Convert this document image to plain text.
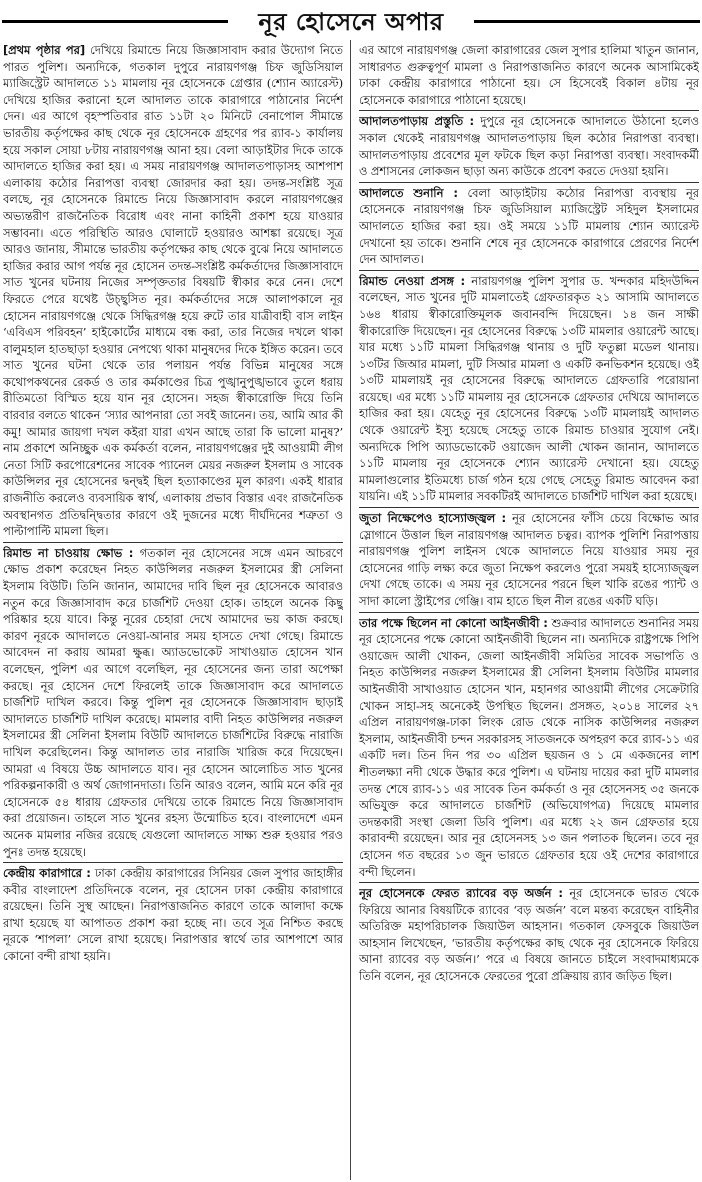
নূর হোসেনে অপার

[প্রথম পৃষ্ঠার পর] দেখিয়ে রিমান্ডে নিয়ে জিজ্ঞাসাবাদ করার উদ্যোগ নিতে পারত পুলিশ। অন্যদিকে, গতকাল দুপুরে নারায়ণগঞ্জ চিফ জুডিসিয়াল ম্যাজিস্ট্রেট আদালতে ১১ মামলায় নূর হোসেনকে গ্রেপ্তার (শ্যোন অ্যারেস্ট) দেখিয়ে হাজির করানো হলে আদালত তাকে কারাগারে পাঠানোর নির্দেশ দেন। এর আগে বৃহস্পতিবার রাত ১১টা ২০ মিনিটে বেনাপোল সীমান্তে ভারতীয় কর্তৃপক্ষের কাছ থেকে নূর হোসেনকে গ্রহণের পর র‌্যাব-১ কার্যালয় হয়ে সকাল সোয়া ৮টায় নারায়ণগঞ্জ আনা হয়। বেলা আড়াইটার দিকে তাকে আদালতে হাজির করা হয়। এ সময় নারায়ণগঞ্জ আদালতপাড়াসহ আশপাশ এলাকায় কঠোর নিরাপত্তা ব্যবস্থা জোরদার করা হয়। তদন্ত-সংশ্লিষ্ট সূত্র বলছে, নূর হোসেনকে রিমান্ডে নিয়ে জিজ্ঞাসাবাদ করলে নারায়ণগঞ্জের অভ্যন্তরীণ রাজনৈতিক বিরোধ এবং নানা কাহিনী প্রকাশ হয়ে যাওয়ার সম্ভাবনা। এতে পরিস্থিতি আরও ঘোলাটে হওয়ারও আশঙ্কা রয়েছে। সূত্র আরও জানায়, সীমান্তে ভারতীয় কর্তৃপক্ষের কাছ থেকে বুঝে নিয়ে আদালতে হাজির করার আগ পর্যন্ত নূর হোসেন তদন্ত-সংশ্লিষ্ট কর্মকর্তাদের জিজ্ঞাসাবাদে সাত খুনের ঘটনায় নিজের সম্পৃক্ততার বিষয়টি স্বীকার করে নেন। দেশে ফিরতে পেরে যথেষ্ট উচ্ছ্বসিত নূর। কর্মকর্তাদের সঙ্গে আলাপকালে নূর হোসেন নারায়ণগঞ্জে থেকে সিদ্ধিরগঞ্জ হয়ে রুটে তার যাত্রীবাহী বাস লাইন ‘এবিএস পরিবহন’ হাইকোর্টের মাধ্যমে বন্ধ করা, তার নিজের দখলে থাকা বালুমহাল হাতছাড়া হওয়ার নেপথ্যে থাকা মানুষদের দিকে ইঙ্গিত করেন। তবে সাত খুনের ঘটনা থেকে তার পলায়ন পর্যন্ত বিভিন্ন মানুষের সঙ্গে কথোপকথনের রেকর্ড ও তার কর্মকাণ্ডের চিত্র পুঙ্খানুপুঙ্খভাবে তুলে ধরায় রীতিমতো বিস্মিত হয়ে যান নূর হোসেন। সহজ স্বীকারোক্তি দিয়ে তিনি বারবার বলতে থাকেন ‘স্যার আপনারা তো সবই জানেন। তয়, আমি আর কী কমু! আমার জায়গা দখল কইরা যারা এখন আছে তারা কি ভালো মানুষ?’ নাম প্রকাশে অনিচ্ছুক এক কর্মকর্তা বলেন, নারায়ণগঞ্জের দুই আওয়ামী লীগ নেতা সিটি করপোরেশনের সাবেক প্যানেল মেয়র নজরুল ইসলাম ও সাবেক কাউন্সিলর নূর হোসেনের দ্বন্দ্বই ছিল হত্যাকাণ্ডের মূল কারণ। একই ধারার রাজনীতি করলেও ব্যবসায়িক স্বার্থ, এলাকায় প্রভাব বিস্তার এবং রাজনৈতিক অবস্থানগত প্রতিদ্বন্দ্বিতার কারণে ওই দুজনের মধ্যে দীর্ঘদিনের শত্রুতা ও পাল্টাপাল্টি মামলা ছিল।

রিমান্ড না চাওয়ায় ক্ষোভ : গতকাল নূর হোসেনের সঙ্গে এমন আচরণে ক্ষোভ প্রকাশ করেছেন নিহত কাউন্সিলর নজরুল ইসলামের স্ত্রী সেলিনা ইসলাম বিউটি। তিনি জানান, আমাদের দাবি ছিল নূর হোসেনকে আবারও নতুন করে জিজ্ঞাসাবাদ করে চার্জশিট দেওয়া হোক। তাহলে অনেক কিছু পরিষ্কার হয়ে যাবে। কিন্তু নূরের চেহারা দেখে আমাদের ভয় কাজ করছে। কারণ নূরকে আদালতে নেওয়া-আনার সময় হাসতে দেখা গেছে। রিমান্ডে আবেদন না করায় আমরা ক্ষুব্ধ। অ্যাডভোকেট সাখাওয়াত হোসেন খান বলেছেন, পুলিশ এর আগে বলেছিল, নূর হোসেনের জন্য তারা অপেক্ষা করছে। নূর হোসেন দেশে ফিরলেই তাকে জিজ্ঞাসাবাদ করে আদালতে চার্জশিট দাখিল করবে। কিন্তু পুলিশ নূর হোসেনকে জিজ্ঞাসাবাদ ছাড়াই আদালতে চার্জশিট দাখিল করেছে। মামলার বাদী নিহত কাউন্সিলর নজরুল ইসলামের স্ত্রী সেলিনা ইসলাম বিউটি আদালতে চার্জশিটের বিরুদ্ধে নারাজি দাখিল করেছিলেন। কিন্তু আদালত তার নারাজি খারিজ করে দিয়েছেন। আমরা এ বিষয়ে উচ্চ আদালতে যাব। নূর হোসেন আলোচিত সাত খুনের পরিকল্পনাকারী ও অর্থ জোগানদাতা। তিনি আরও বলেন, আমি মনে করি নূর হোসেনকে ৫৪ ধারায় গ্রেফতার দেখিয়ে তাকে রিমান্ডে নিয়ে জিজ্ঞাসাবাদ করা প্রয়োজন। তাহলে সাত খুনের রহস্য উন্মোচিত হবে। বাংলাদেশে এমন অনেক মামলার নজির রয়েছে যেগুলো আদালতে সাক্ষ্য শুরু হওয়ার পরও পুনঃ তদন্ত হয়েছে।

কেন্দ্রীয় কারাগারে : ঢাকা কেন্দ্রীয় কারাগারের সিনিয়র জেল সুপার জাহাঙ্গীর কবীর বাংলাদেশ প্রতিদিনকে বলেন, নূর হোসেন ঢাকা কেন্দ্রীয় কারাগারে রয়েছেন। তিনি সুস্থ আছেন। নিরাপত্তাজনিত কারণে তাকে আলাদা কক্ষে রাখা হয়েছে যা আপাতত প্রকাশ করা হচ্ছে না। তবে সূত্র নিশ্চিত করছে নূরকে ‘শাপলা’ সেলে রাখা হয়েছে। নিরাপত্তার স্বার্থে তার আশপাশে আর কোনো বন্দী রাখা হয়নি।

এর আগে নারায়ণগঞ্জ জেলা কারাগারের জেল সুপার হালিমা খাতুন জানান, সাধারণত গুরুত্বপূর্ণ মামলা ও নিরাপত্তাজনিত কারণে অনেক আসামিকেই ঢাকা কেন্দ্রীয় কারাগারে পাঠানো হয়। সে হিসেবেই বিকাল ৪টায় নূর হোসেনকে কারাগারে পাঠানো হয়েছে।

আদালতপাড়ায় প্রস্তুতি : দুপুরে নূর হোসেনকে আদালতে উঠানো হলেও সকাল থেকেই নারায়ণগঞ্জ আদালতপাড়ায় ছিল কঠোর নিরাপত্তা ব্যবস্থা। আদালতপাড়ায় প্রবেশের মূল ফটকে ছিল কড়া নিরাপত্তা ব্যবস্থা। সংবাদকর্মী ও প্রশাসনের লোকজন ছাড়া অন্য কাউকে প্রবেশ করতে দেওয়া হয়নি।

আদালতে শুনানি : বেলা আড়াইটায় কঠোর নিরাপত্তা ব্যবস্থায় নূর হোসেনকে নারায়ণগঞ্জ চিফ জুডিসিয়াল ম্যাজিস্ট্রেট সহিদুল ইসলামের আদালতে হাজির করা হয়। ওই সময়ে ১১টি মামলায় শ্যোন অ্যারেস্ট দেখানো হয় তাকে। শুনানি শেষে নূর হোসেনকে কারাগারে প্রেরণের নির্দেশ দেন আদালত।

রিমান্ড নেওয়া প্রসঙ্গ : নারায়ণগঞ্জ পুলিশ সুপার ড. খন্দকার মহিদউদ্দিন বলেছেন, সাত খুনের দুটি মামলাতেই গ্রেফতারকৃত ২১ আসামি আদালতে ১৬৪ ধারায় স্বীকারোক্তিমূলক জবানবন্দি দিয়েছেন। ১৪ জন সাক্ষী স্বীকারোক্তি দিয়েছেন। নূর হোসেনের বিরুদ্ধে ১৩টি মামলার ওয়ারেন্ট আছে। যার মধ্যে ১১টি মামলা সিদ্ধিরগঞ্জ থানায় ও দুটি ফতুল্লা মডেল থানায়। ১৩টির জিআর মামলা, দুটি সিআর মামলা ও একটি কনভিকশন হয়েছে। ওই ১৩টি মামলায়ই নূর হোসেনের বিরুদ্ধে আদালতে গ্রেফতারি পরোয়ানা রয়েছে। এর মধ্যে ১১টি মামলায় নূর হোসেনকে গ্রেফতার দেখিয়ে আদালতে হাজির করা হয়। যেহেতু নূর হোসেনের বিরুদ্ধে ১৩টি মামলায়ই আদালত থেকে ওয়ারেন্ট ইস্যু হয়েছে সেহেতু তাকে রিমান্ড চাওয়ার সুযোগ নেই। অন্যদিকে পিপি অ্যাডভোকেট ওয়াজেদ আলী খোকন জানান, আদালতে ১১টি মামলায় নূর হোসেনকে শ্যোন অ্যারেস্ট দেখানো হয়। যেহেতু মামলাগুলোর ইতিমধ্যে চার্জ গঠন হয়ে গেছে সেহেতু রিমান্ড আবেদন করা যায়নি। এই ১১টি মামলার সবকটিরই আদালতে চার্জশিট দাখিল করা হয়েছে।

জুতা নিক্ষেপেও হাস্যোজ্জ্বল : নূর হোসেনের ফাঁসি চেয়ে বিক্ষোভ আর স্লোগানে উত্তাল ছিল নারায়ণগঞ্জ আদালত চত্বর। ব্যাপক পুলিশি নিরাপত্তায় নারায়ণগঞ্জ পুলিশ লাইনস থেকে আদালতে নিয়ে যাওয়ার সময় নূর হোসেনের গাড়ি লক্ষ্য করে জুতা নিক্ষেপ করলেও পুরো সময়ই হাস্যোজ্জ্বল দেখা গেছে তাকে। এ সময় নূর হোসেনের পরনে ছিল খাকি রঙের প্যান্ট ও সাদা কালো স্ট্রাইপের গেঞ্জি। বাম হাতে ছিল নীল রঙের একটি ঘড়ি।

তার পক্ষে ছিলেন না কোনো আইনজীবী : শুক্রবার আদালতে শুনানির সময় নূর হোসেনের পক্ষে কোনো আইনজীবী ছিলেন না। অন্যদিকে রাষ্ট্রপক্ষে পিপি ওয়াজেদ আলী খোকন, জেলা আইনজীবী সমিতির সাবেক সভাপতি ও নিহত কাউন্সিলর নজরুল ইসলামের স্ত্রী সেলিনা ইসলাম বিউটির মামলার আইনজীবী সাখাওয়াত হোসেন খান, মহানগর আওয়ামী লীগের সেক্রেটারি খোকন সাহা-সহ অনেকেই উপস্থিত ছিলেন। প্রসঙ্গত, ২০১৪ সালের ২৭ এপ্রিল নারায়ণগঞ্জ-ঢাকা লিংক রোড থেকে নাসিক কাউন্সিলর নজরুল ইসলাম, আইনজীবী চন্দন সরকারসহ সাতজনকে অপহরণ করে র‌্যাব-১১ এর একটি দল। তিন দিন পর ৩০ এপ্রিল ছয়জন ও ১ মে একজনের লাশ শীতলক্ষ্যা নদী থেকে উদ্ধার করে পুলিশ। এ ঘটনায় দায়ের করা দুটি মামলার তদন্ত শেষে র‌্যাব-১১ এর সাবেক তিন কর্মকর্তা ও নূর হোসেনসহ ৩৫ জনকে অভিযুক্ত করে আদালতে চার্জশিট (অভিযোগপত্র) দিয়েছে মামলার তদন্তকারী সংস্থা জেলা ডিবি পুলিশ। এর মধ্যে ২২ জন গ্রেফতার হয়ে কারাবন্দী রয়েছেন। আর নূর হোসেনসহ ১৩ জন পলাতক ছিলেন। তবে নূর হোসেন গত বছরের ১৩ জুন ভারতে গ্রেফতার হয়ে ওই দেশের কারাগারে বন্দী ছিলেন।

নূর হোসেনকে ফেরত র‌্যাবের বড় অর্জন : নূর হোসেনকে ভারত থেকে ফিরিয়ে আনার বিষয়টিকে র‌্যাবের ‘বড় অর্জন’ বলে মন্তব্য করেছেন বাহিনীর অতিরিক্ত মহাপরিচালক জিয়াউল আহসান। গতকাল ফেসবুকে জিয়াউল আহসান লিখেছেন, ‘ভারতীয় কর্তৃপক্ষের কাছ থেকে নূর হোসেনকে ফিরিয়ে আনা র‌্যাবের বড় অর্জন।’ পরে এ বিষয়ে জানতে চাইলে সংবাদমাধ্যমকে তিনি বলেন, নূর হোসেনকে ফেরতের পুরো প্রক্রিয়ায় র‌্যাব জড়িত ছিল।
